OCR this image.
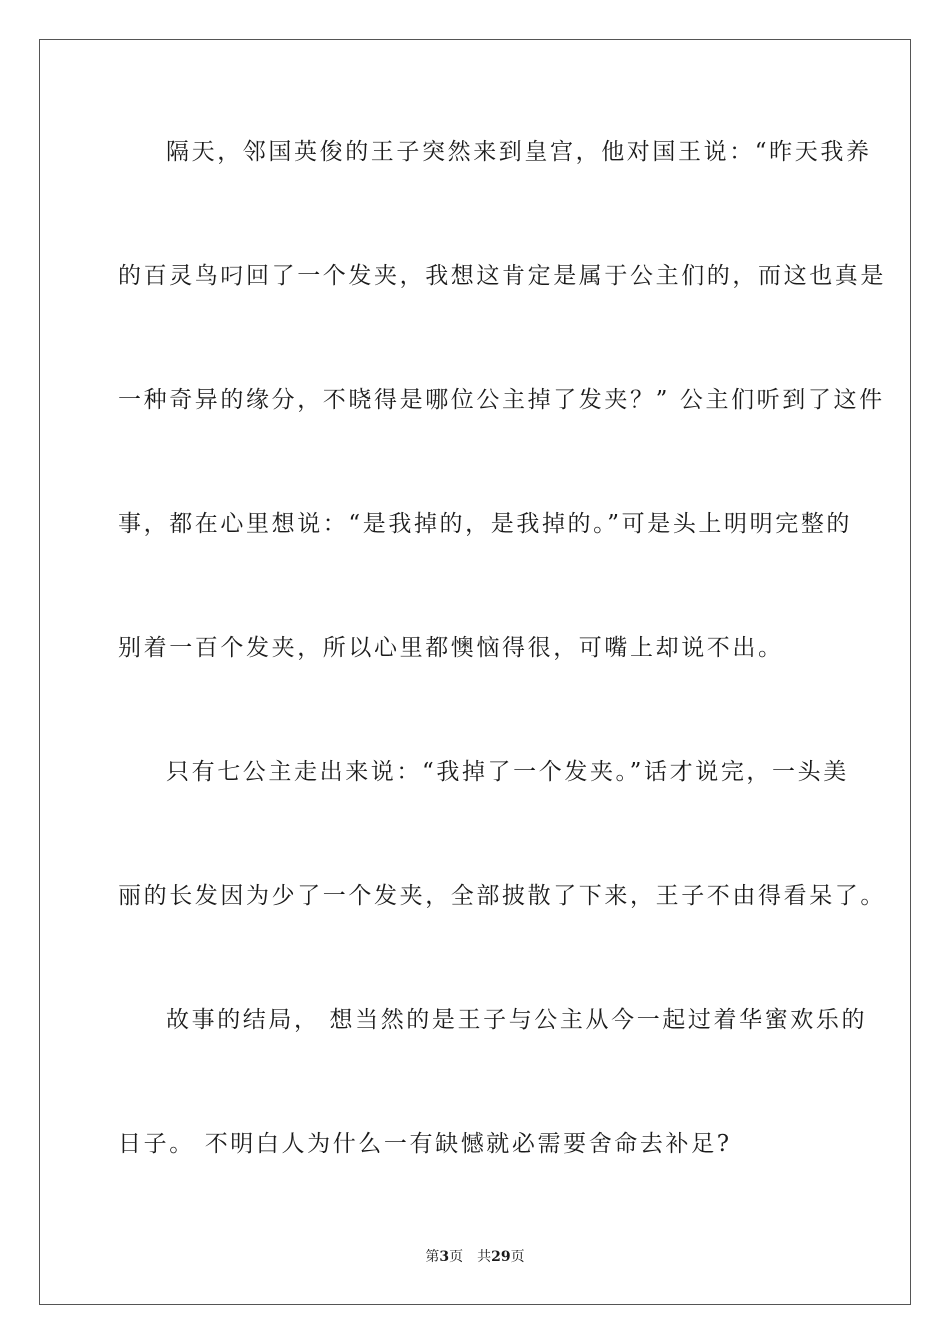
隔天，邻国英俊的王子突然来到皇宫，他对国王说：“昨天我养
的百灵鸟叼回了一个发夹，我想这肯定是属于公主们的，而这也真是
一种奇异的缘分，不晓得是哪位公主掉了发夹？” 公主们听到了这件
事，都在心里想说：“是我掉的，是我掉的。”可是头上明明完整的
别着一百个发夹，所以心里都懊恼得很，可嘴上却说不出。
只有七公主走出来说：“我掉了一个发夹。”话才说完，一头美
丽的长发因为少了一个发夹，全部披散了下来，王子不由得看呆了。
故事的结局， 想当然的是王子与公主从今一起过着华蜜欢乐的
日子。 不明白人为什么一有缺憾就必需要舍命去补足?
第3页 共29页
